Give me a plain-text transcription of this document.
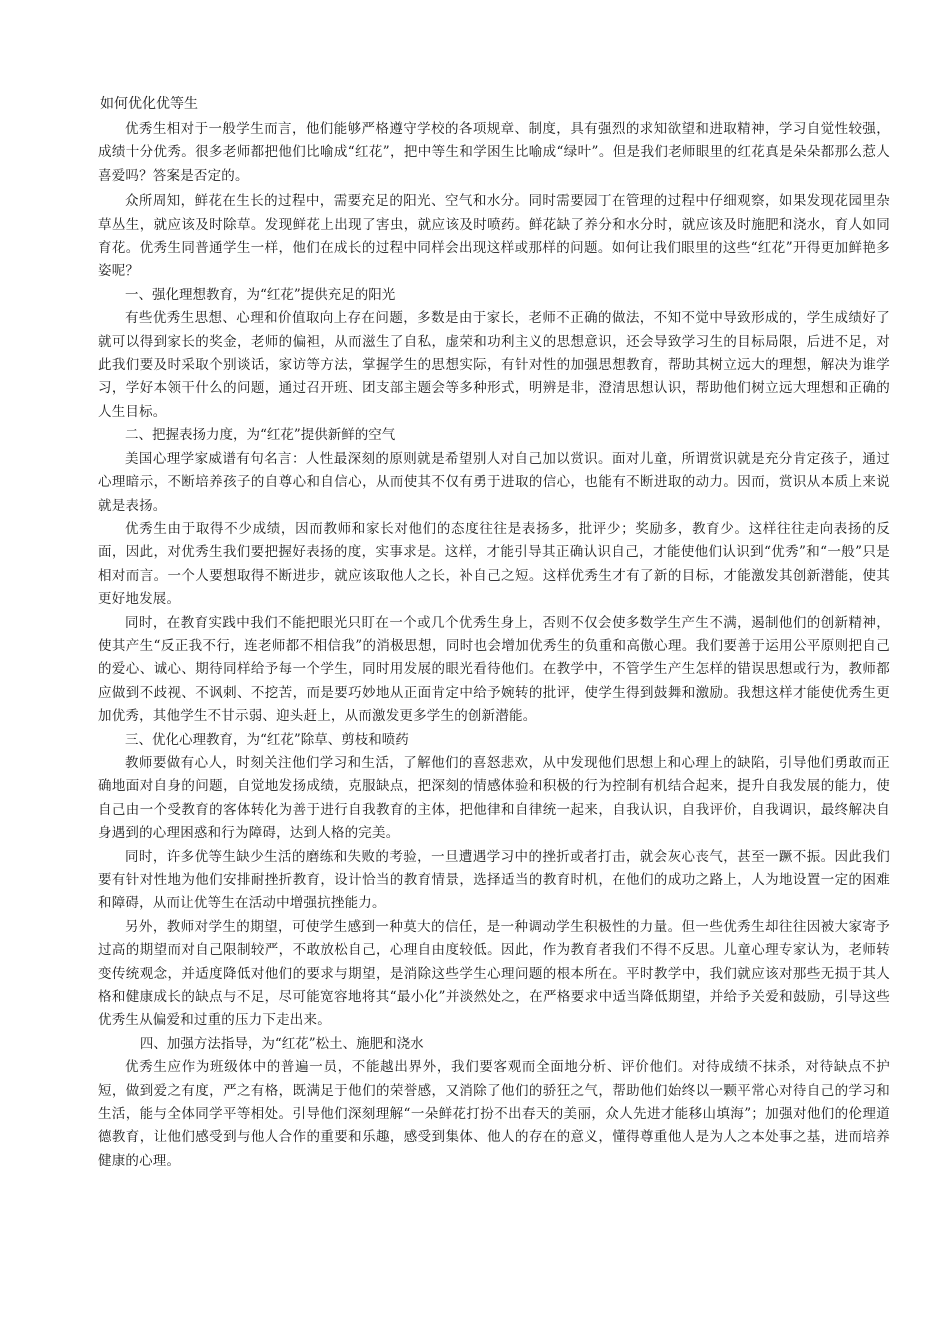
如何优化优等生

优秀生相对于一般学生而言，他们能够严格遵守学校的各项规章、制度，具有强烈的求知欲望和进取精神，学习自觉性较强，成绩十分优秀。很多老师都把他们比喻成“红花”，把中等生和学困生比喻成“绿叶”。但是我们老师眼里的红花真是朵朵都那么惹人喜爱吗？答案是否定的。

众所周知，鲜花在生长的过程中，需要充足的阳光、空气和水分。同时需要园丁在管理的过程中仔细观察，如果发现花园里杂草丛生，就应该及时除草。发现鲜花上出现了害虫，就应该及时喷药。鲜花缺了养分和水分时，就应该及时施肥和浇水，育人如同育花。优秀生同普通学生一样，他们在成长的过程中同样会出现这样或那样的问题。如何让我们眼里的这些“红花”开得更加鲜艳多姿呢？

一、强化理想教育，为“红花”提供充足的阳光

有些优秀生思想、心理和价值取向上存在问题，多数是由于家长，老师不正确的做法，不知不觉中导致形成的，学生成绩好了就可以得到家长的奖金，老师的偏袒，从而滋生了自私，虚荣和功利主义的思想意识，还会导致学习生的目标局限，后进不足，对此我们要及时采取个别谈话，家访等方法，掌握学生的思想实际，有针对性的加强思想教育，帮助其树立远大的理想，解决为谁学习，学好本领干什么的问题，通过召开班、团支部主题会等多种形式，明辨是非，澄清思想认识，帮助他们树立远大理想和正确的人生目标。

二、把握表扬力度，为“红花”提供新鲜的空气

美国心理学家威谱有句名言：人性最深刻的原则就是希望别人对自己加以赏识。面对儿童，所谓赏识就是充分肯定孩子，通过心理暗示，不断培养孩子的自尊心和自信心，从而使其不仅有勇于进取的信心，也能有不断进取的动力。因而，赏识从本质上来说就是表扬。

优秀生由于取得不少成绩，因而教师和家长对他们的态度往往是表扬多，批评少；奖励多，教育少。这样往往走向表扬的反面，因此，对优秀生我们要把握好表扬的度，实事求是。这样，才能引导其正确认识自己，才能使他们认识到“优秀”和“一般”只是相对而言。一个人要想取得不断进步，就应该取他人之长，补自己之短。这样优秀生才有了新的目标，才能激发其创新潜能，使其更好地发展。

同时，在教育实践中我们不能把眼光只盯在一个或几个优秀生身上，否则不仅会使多数学生产生不满，遏制他们的创新精神，使其产生“反正我不行，连老师都不相信我”的消极思想，同时也会增加优秀生的负重和高傲心理。我们要善于运用公平原则把自己的爱心、诚心、期待同样给予每一个学生，同时用发展的眼光看待他们。在教学中，不管学生产生怎样的错误思想或行为，教师都应做到不歧视、不讽刺、不挖苦，而是要巧妙地从正面肯定中给予婉转的批评，使学生得到鼓舞和激励。我想这样才能使优秀生更加优秀，其他学生不甘示弱、迎头赶上，从而激发更多学生的创新潜能。

三、优化心理教育，为“红花”除草、剪枝和喷药

教师要做有心人，时刻关注他们学习和生活，了解他们的喜怒悲欢，从中发现他们思想上和心理上的缺陷，引导他们勇敢而正确地面对自身的问题，自觉地发扬成绩，克服缺点，把深刻的情感体验和积极的行为控制有机结合起来，提升自我发展的能力，使自己由一个受教育的客体转化为善于进行自我教育的主体，把他律和自律统一起来，自我认识，自我评价，自我调识，最终解决自身遇到的心理困惑和行为障碍，达到人格的完美。

同时，许多优等生缺少生活的磨练和失败的考验，一旦遭遇学习中的挫折或者打击，就会灰心丧气，甚至一蹶不振。因此我们要有针对性地为他们安排耐挫折教育，设计恰当的教育情景，选择适当的教育时机，在他们的成功之路上，人为地设置一定的困难和障碍，从而让优等生在活动中增强抗挫能力。

另外，教师对学生的期望，可使学生感到一种莫大的信任，是一种调动学生积极性的力量。但一些优秀生却往往因被大家寄予过高的期望而对自己限制较严，不敢放松自己，心理自由度较低。因此，作为教育者我们不得不反思。儿童心理专家认为，老师转变传统观念，并适度降低对他们的要求与期望，是消除这些学生心理问题的根本所在。平时教学中，我们就应该对那些无损于其人格和健康成长的缺点与不足，尽可能宽容地将其“最小化”并淡然处之，在严格要求中适当降低期望，并给予关爱和鼓励，引导这些优秀生从偏爱和过重的压力下走出来。

四、加强方法指导，为“红花”松土、施肥和浇水

优秀生应作为班级体中的普遍一员，不能越出界外，我们要客观而全面地分析、评价他们。对待成绩不抹杀，对待缺点不护短，做到爱之有度，严之有格，既满足于他们的荣誉感，又消除了他们的骄狂之气，帮助他们始终以一颗平常心对待自己的学习和生活，能与全体同学平等相处。引导他们深刻理解“一朵鲜花打扮不出春天的美丽，众人先进才能移山填海”；加强对他们的伦理道德教育，让他们感受到与他人合作的重要和乐趣，感受到集体、他人的存在的意义，懂得尊重他人是为人之本处事之基，进而培养健康的心理。
